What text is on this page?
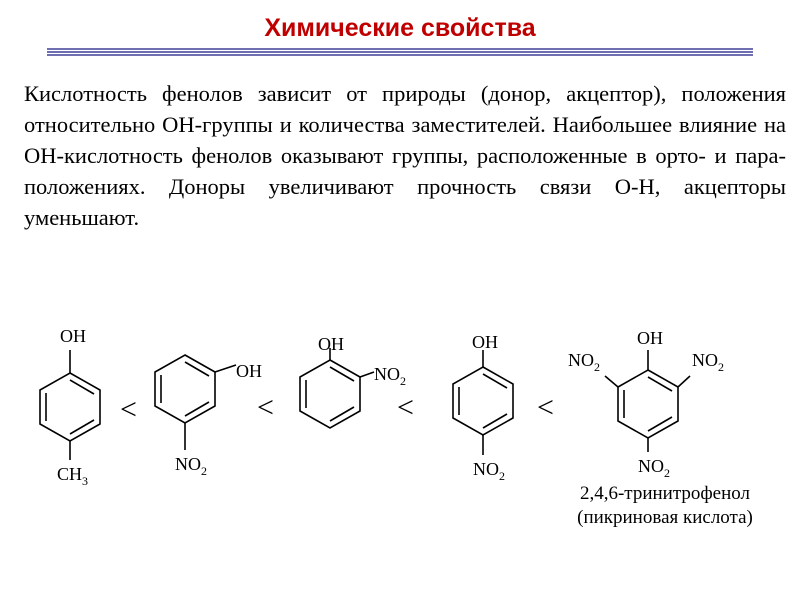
Химические свойства
Кислотность фенолов зависит от природы (донор, акцептор), положения относительно ОН-группы и количества заместителей. Наибольшее влияние на ОН-кислотность фенолов оказывают группы, расположенные в орто- и пара-положениях. Доноры увеличивают прочность связи О-Н, акцепторы уменьшают.
OH
$CH_3$
OH
$NO_2$
OH
$NO_2$
OH
$NO_2$
OH
$NO_2$	$NO_2$
$NO_2$
<	<	<	<
2,4,6-тринитрофенол
(пикриновая кислота)
